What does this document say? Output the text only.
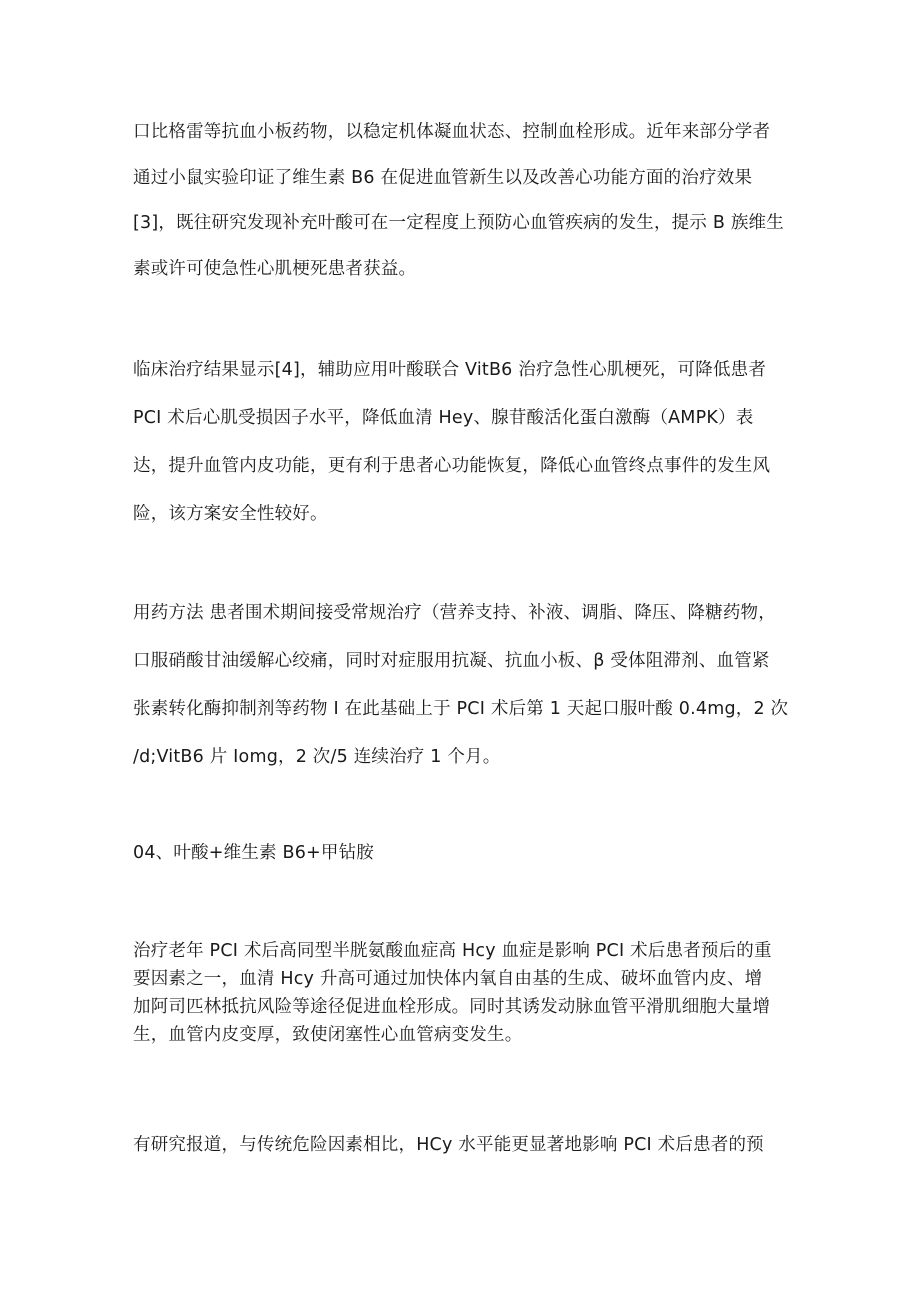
口比格雷等抗血小板药物，以稳定机体凝血状态、控制血栓形成。近年来部分学者
通过小鼠实验印证了维生素 B6 在促进血管新生以及改善心功能方面的治疗效果
[3]，既往研究发现补充叶酸可在一定程度上预防心血管疾病的发生，提示 B 族维生
素或许可使急性心肌梗死患者获益。
临床治疗结果显示[4]，辅助应用叶酸联合 VitB6 治疗急性心肌梗死，可降低患者
PCI 术后心肌受损因子水平，降低血清 Hey、腺苷酸活化蛋白激酶（AMPK）表
达，提升血管内皮功能，更有利于患者心功能恢复，降低心血管终点事件的发生风
险，该方案安全性较好。
用药方法 患者围术期间接受常规治疗（营养支持、补液、调脂、降压、降糖药物，
口服硝酸甘油缓解心绞痛，同时对症服用抗凝、抗血小板、β 受体阻滞剂、血管紧
张素转化酶抑制剂等药物 I 在此基础上于 PCI 术后第 1 天起口服叶酸 0.4mg，2 次
/d;VitB6 片 Iomg，2 次/5 连续治疗 1 个月。
04、叶酸+维生素 B6+甲钻胺
治疗老年 PCI 术后高同型半胱氨酸血症高 Hcy 血症是影响 PCI 术后患者预后的重
要因素之一，血清 Hcy 升高可通过加快体内氧自由基的生成、破坏血管内皮、增
加阿司匹林抵抗风险等途径促进血栓形成。同时其诱发动脉血管平滑肌细胞大量增
生，血管内皮变厚，致使闭塞性心血管病变发生。
有研究报道，与传统危险因素相比，HCy 水平能更显著地影响 PCI 术后患者的预
